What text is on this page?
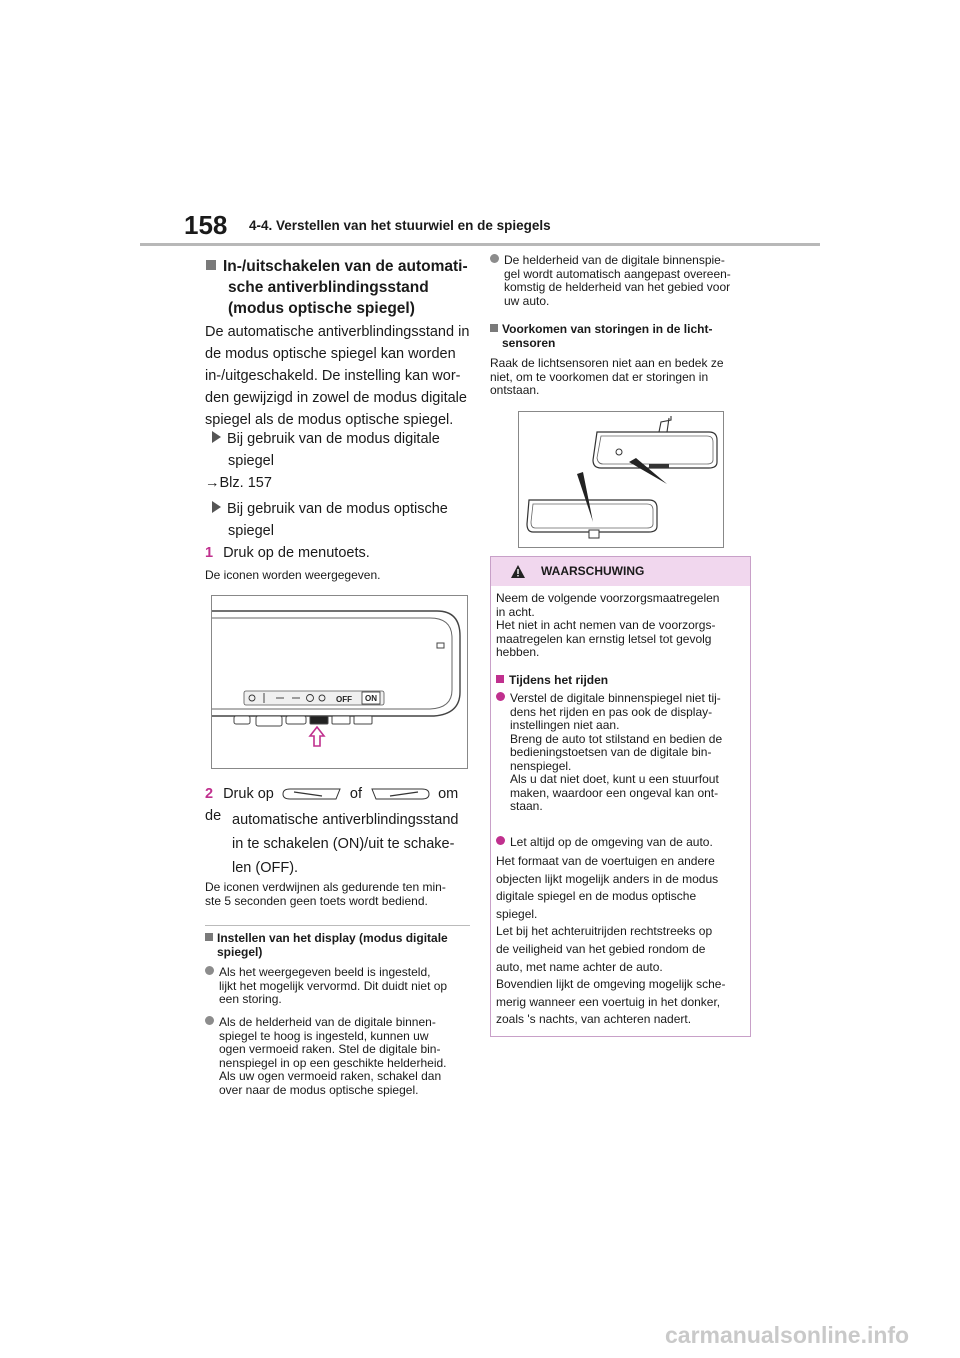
158 4-4. Verstellen van het stuurwiel en de spiegels
In-/uitschakelen van de automati-
sche antiverblindingsstand
(modus optische spiegel)
De automatische antiverblindingsstand in
de modus optische spiegel kan worden
in-/uitgeschakeld. De instelling kan wor-
den gewijzigd in zowel de modus digitale
spiegel als de modus optische spiegel.
Bij gebruik van de modus digitale
spiegel
→Blz. 157
Bij gebruik van de modus optische
spiegel
1 Druk op de menutoets.
De iconen worden weergegeven.
OFF ON
2 Druk op	of	om de automatische antiverblindingsstand
in te schakelen (ON)/uit te schake-
len (OFF).
De iconen verdwijnen als gedurende ten min-
ste 5 seconden geen toets wordt bediend.
Instellen van het display (modus digitale
spiegel)
Als het weergegeven beeld is ingesteld,
lijkt het mogelijk vervormd. Dit duidt niet op
een storing.
Als de helderheid van de digitale binnen-
spiegel te hoog is ingesteld, kunnen uw
ogen vermoeid raken. Stel de digitale bin-
nenspiegel in op een geschikte helderheid.
Als uw ogen vermoeid raken, schakel dan
over naar de modus optische spiegel.
De helderheid van de digitale binnenspie-
gel wordt automatisch aangepast overeen-
komstig de helderheid van het gebied voor
uw auto.
Voorkomen van storingen in de licht-
sensoren
Raak de lichtsensoren niet aan en bedek ze
niet, om te voorkomen dat er storingen in
ontstaan.
WAARSCHUWING
Neem de volgende voorzorgsmaatregelen
in acht.
Het niet in acht nemen van de voorzorgs-
maatregelen kan ernstig letsel tot gevolg
hebben.
Tijdens het rijden
Verstel de digitale binnenspiegel niet tij-
dens het rijden en pas ook de display-
instellingen niet aan.
Breng de auto tot stilstand en bedien de
bedieningstoetsen van de digitale bin-
nenspiegel.
Als u dat niet doet, kunt u een stuurfout
maken, waardoor een ongeval kan ont-
staan.
Let altijd op de omgeving van de auto.
Het formaat van de voertuigen en andere
objecten lijkt mogelijk anders in de modus
digitale spiegel en de modus optische
spiegel.
Let bij het achteruitrijden rechtstreeks op
de veiligheid van het gebied rondom de
auto, met name achter de auto.
Bovendien lijkt de omgeving mogelijk sche-
merig wanneer een voertuig in het donker,
zoals 's nachts, van achteren nadert.
carmanualsonline.info
